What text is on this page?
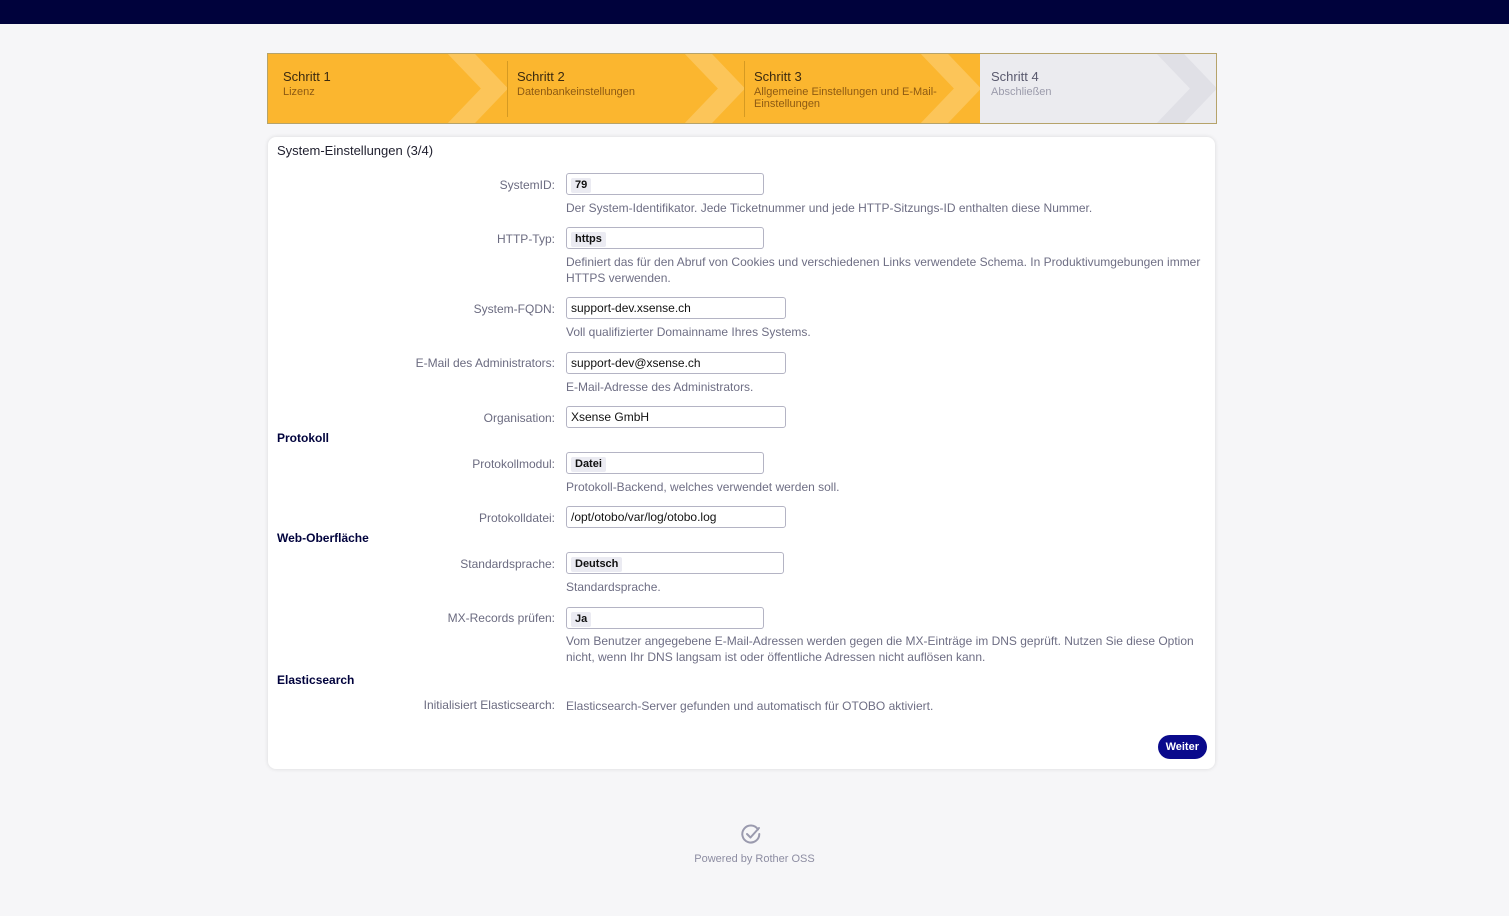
Schritt 1
Lizenz
Schritt 2
Datenbankeinstellungen
Schritt 3
Allgemeine Einstellungen und E-Mail-Einstellungen
Schritt 4
Abschließen
System-Einstellungen (3/4)
SystemID:	79
Der System-Identifikator. Jede Ticketnummer und jede HTTP-Sitzungs-ID enthalten diese Nummer.
HTTP-Typ:	https
Definiert das für den Abruf von Cookies und verschiedenen Links verwendete Schema. In Produktivumgebungen immer HTTPS verwenden.
System-FQDN:	support-dev.xsense.ch
Voll qualifizierter Domainname Ihres Systems.
E-Mail des Administrators:	support-dev@xsense.ch
E-Mail-Adresse des Administrators.
Organisation:	Xsense GmbH
Protokoll
Protokollmodul:	Datei
Protokoll-Backend, welches verwendet werden soll.
Protokolldatei:	/opt/otobo/var/log/otobo.log
Web-Oberfläche
Standardsprache:	Deutsch
Standardsprache.
MX-Records prüfen:	Ja
Vom Benutzer angegebene E-Mail-Adressen werden gegen die MX-Einträge im DNS geprüft. Nutzen Sie diese Option nicht, wenn Ihr DNS langsam ist oder öffentliche Adressen nicht auflösen kann.
Elasticsearch
Initialisiert Elasticsearch: Elasticsearch-Server gefunden und automatisch für OTOBO aktiviert.
Weiter
Powered by Rother OSS
